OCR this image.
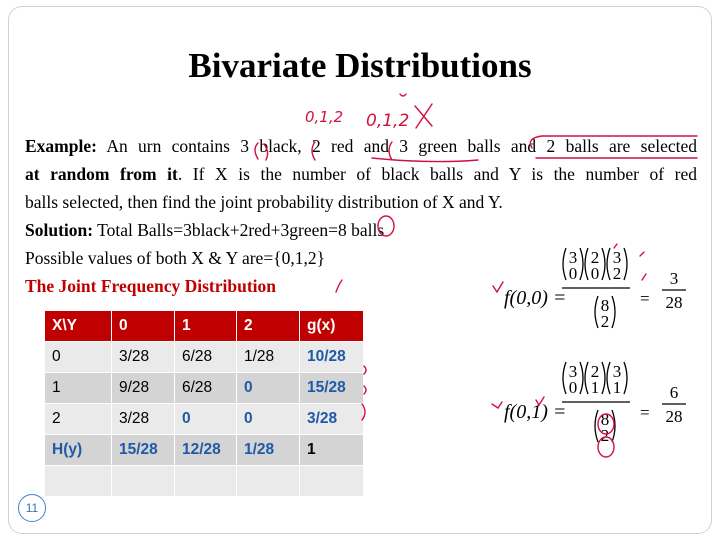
Bivariate Distributions

Example: An urn contains 3 black, 2 red and 3 green balls and 2 balls are selected

at random from it. If X is the number of black balls and Y is the number of red

balls selected, then find the joint probability distribution of X and Y.

Solution: Total Balls=3black+2red+3green=8 balls

Possible values of both X & Y are={0,1,2}

The Joint Frequency Distribution

X\Y	0	1	2	g(x)
0	3/28	6/28	1/28	10/28
1	9/28	6/28	0	15/28
2	3/28	0	0	3/28
H(y)	15/28	12/28	1/28	1

f(0,0) =
3
0
2
0
3
2
8
2
=
3
28
f(0,1) =
3
0
2
1
3
1
8
2
=
6
28
0,1,2 0,1,2
11
